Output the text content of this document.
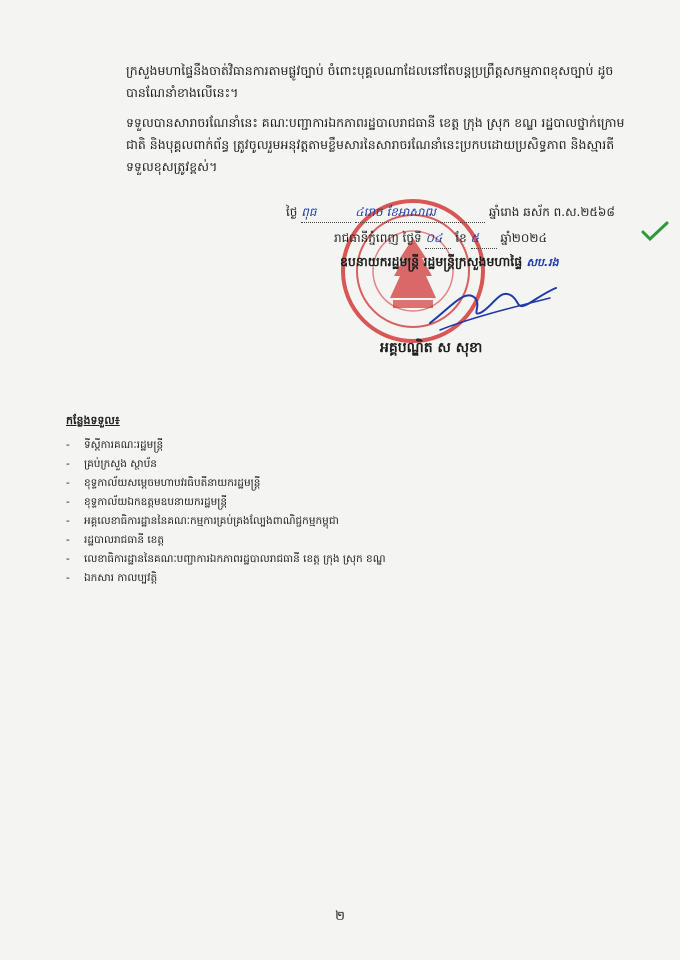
ក្រសួងមហាផ្ទៃនឹងចាត់វិធានការតាមផ្លូវច្បាប់ ចំពោះបុគ្គលណាដែលនៅតែបន្តប្រព្រឹត្តសកម្មភាពខុសច្បាប់ ដូចបានណែនាំខាងលើនេះ។
ទទួលបានសារាចរណែនាំនេះ គណៈបញ្ជាការឯកភាពរដ្ឋបាលរាជធានី ខេត្ត ក្រុង ស្រុក ខណ្ឌ រដ្ឋបាលថ្នាក់ក្រោមជាតិ និងបុគ្គលពាក់ព័ន្ធ ត្រូវចូលរួមអនុវត្តតាមខ្លឹមសារនៃសារាចរណែនាំនេះប្រកបដោយប្រសិទ្ធភាព និងស្មារតីទទួលខុសត្រូវខ្ពស់។
ថ្ងៃ ពុធ	៤រោច ខែអាសាឍ	ឆ្នាំរោង ឆស័ក ព.ស.២៥៦៨
រាជធានីភ្នំពេញ ថ្ងៃទី ០៤ ខែ ៥ ឆ្នាំ២០២៤
ឧបនាយករដ្ឋមន្ត្រី រដ្ឋមន្ត្រីក្រសួងមហាផ្ទៃ សប.រង
អគ្គបណ្ឌិត ស សុខា
កន្លែងទទួល៖
- ទីស្ដីការគណៈរដ្ឋមន្ត្រី
- គ្រប់ក្រសួង ស្ថាប័ន
- ខុទ្ទកាល័យសម្ដេចមហាបវរធិបតីនាយករដ្ឋមន្ត្រី
- ខុទ្ទកាល័យឯកឧត្តមឧបនាយករដ្ឋមន្ត្រី
- អគ្គលេខាធិការដ្ឋាននៃគណៈកម្មការគ្រប់គ្រងល្បែងពាណិជ្ជកម្មកម្ពុជា
- រដ្ឋបាលរាជធានី ខេត្ត
- លេខាធិការដ្ឋាននៃគណៈបញ្ជាការឯកភាពរដ្ឋបាលរាជធានី ខេត្ត ក្រុង ស្រុក ខណ្ឌ
- ឯកសារ កាលប្បវត្តិ
២
